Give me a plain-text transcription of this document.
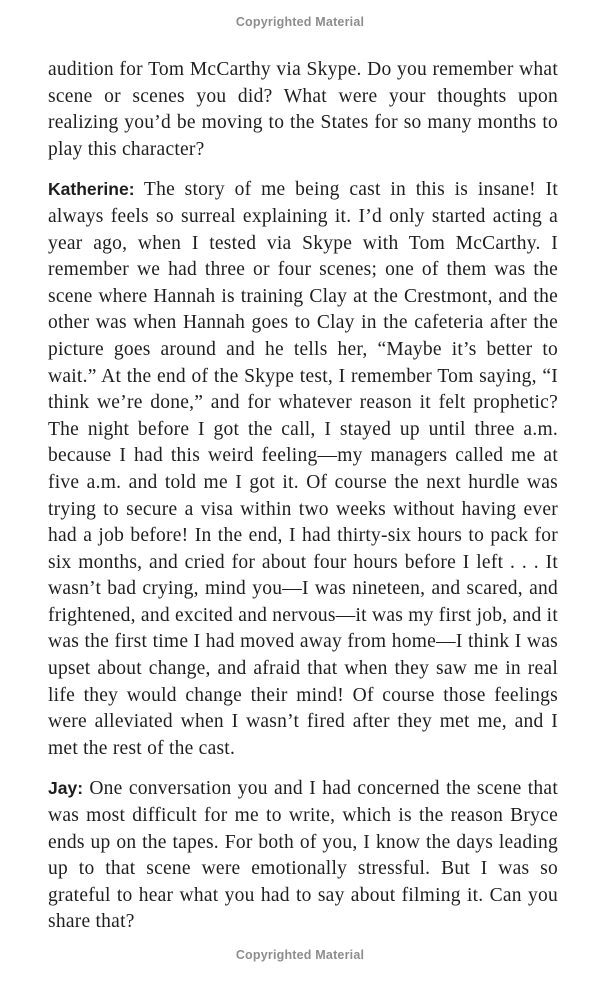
Copyrighted Material

audition for Tom McCarthy via Skype. Do you remember what scene or scenes you did? What were your thoughts upon realizing you’d be moving to the States for so many months to play this character?

Katherine: The story of me being cast in this is insane! It always feels so surreal explaining it. I’d only started acting a year ago, when I tested via Skype with Tom McCarthy. I remember we had three or four scenes; one of them was the scene where Hannah is training Clay at the Crestmont, and the other was when Hannah goes to Clay in the cafeteria after the picture goes around and he tells her, “Maybe it’s better to wait.” At the end of the Skype test, I remember Tom saying, “I think we’re done,” and for whatever reason it felt prophetic? The night before I got the call, I stayed up until three a.m. because I had this weird feeling—my managers called me at five a.m. and told me I got it. Of course the next hurdle was trying to secure a visa within two weeks without having ever had a job before! In the end, I had thirty-six hours to pack for six months, and cried for about four hours before I left . . . It wasn’t bad crying, mind you—I was nineteen, and scared, and frightened, and excited and nervous—it was my first job, and it was the first time I had moved away from home—I think I was upset about change, and afraid that when they saw me in real life they would change their mind! Of course those feelings were alleviated when I wasn’t fired after they met me, and I met the rest of the cast.

Jay: One conversation you and I had concerned the scene that was most difficult for me to write, which is the reason Bryce ends up on the tapes. For both of you, I know the days leading up to that scene were emotionally stressful. But I was so grateful to hear what you had to say about filming it. Can you share that?

Copyrighted Material
